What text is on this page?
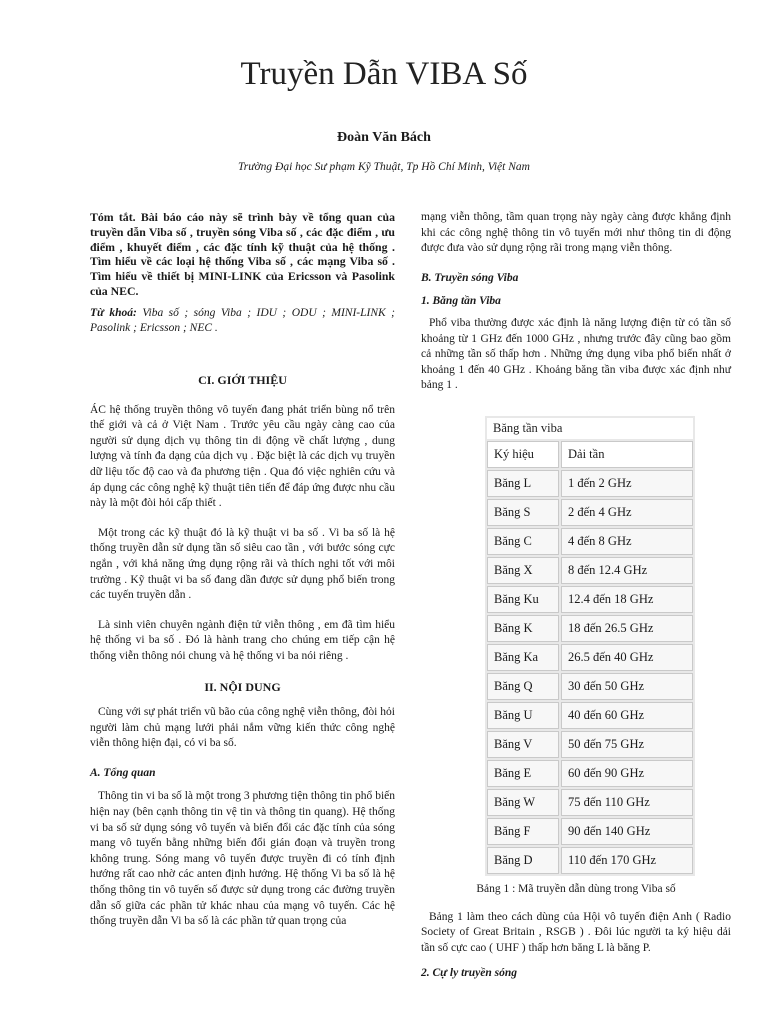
Truyền Dẫn VIBA Số
Đoàn Văn Bách
Trường Đại học Sư phạm Kỹ Thuật, Tp Hồ Chí Minh, Việt Nam

Tóm tắt. Bài báo cáo này sẽ trình bày về tổng quan của truyền dẫn Viba số , truyền sóng Viba số , các đặc điểm , ưu điểm , khuyết điểm , các đặc tính kỹ thuật của hệ thống . Tìm hiểu về các loại hệ thống Viba số , các mạng Viba số . Tìm hiểu về thiết bị MINI-LINK của Ericsson và Pasolink của NEC.

Từ khoá: Viba số ; sóng Viba ; IDU ; ODU ; MINI-LINK ; Pasolink ; Ericsson ; NEC .

CI. GIỚI THIỆU

ÁC hệ thống truyền thông vô tuyến đang phát triển bùng nổ trên thế giới và cả ở Việt Nam . Trước yêu cầu ngày càng cao của người sử dụng dịch vụ thông tin di động về chất lượng , dung lượng và tính đa dạng của dịch vụ . Đặc biệt là các dịch vụ truyền dữ liệu tốc độ cao và đa phương tiện . Qua đó việc nghiên cứu và áp dụng các công nghệ kỹ thuật tiên tiến để đáp ứng được nhu cầu này là một đòi hỏi cấp thiết .

Một trong các kỹ thuật đó là kỹ thuật vi ba số . Vi ba số là hệ thống truyền dẫn sử dụng tần số siêu cao tần , với bước sóng cực ngắn , với khả năng ứng dụng rộng rãi và thích nghi tốt với môi trường . Kỹ thuật vi ba số đang dần được sử dụng phổ biến trong các tuyến truyền dẫn .

Là sinh viên chuyên ngành điện tử viễn thông , em đã tìm hiểu hệ thống vi ba số . Đó là hành trang cho chúng em tiếp cận hệ thống viễn thông nói chung và hệ thống vi ba nói riêng .

II. NỘI DUNG

Cùng với sự phát triển vũ bão của công nghệ viễn thông, đòi hỏi người làm chủ mạng lưới phải nắm vững kiến thức công nghệ viễn thông hiện đại, có vi ba số.

A. Tổng quan

Thông tin vi ba số là một trong 3 phương tiện thông tin phổ biến hiện nay (bên cạnh thông tin vệ tin và thông tin quang). Hệ thống vi ba số sử dụng sóng vô tuyến và biến đổi các đặc tính của sóng mang vô tuyến bằng những biến đổi gián đoạn và truyền trong không trung. Sóng mang vô tuyến được truyền đi có tính định hướng rất cao nhờ các anten định hướng. Hệ thống Vi ba số là hệ thống thông tin vô tuyến số được sử dụng trong các đường truyền dẫn số giữa các phần tử khác nhau của mạng vô tuyến. Các hệ thống truyền dẫn Vi ba số là các phần tử quan trọng của

mạng viễn thông, tầm quan trọng này ngày càng được khẳng định khi các công nghệ thông tin vô tuyến mới như thông tin di động được đưa vào sử dụng rộng rãi trong mạng viễn thông.

B. Truyền sóng Viba

1. Băng tần Viba

Phổ viba thường được xác định là năng lượng điện từ có tần số khoảng từ 1 GHz đến 1000 GHz , nhưng trước đây cũng bao gồm cả những tần số thấp hơn . Những ứng dụng viba phổ biến nhất ở khoảng 1 đến 40 GHz . Khoảng băng tần viba được xác định như bảng 1 .

Băng tần viba	
Ký hiệu	Dải tần
Băng L	1 đến 2 GHz
Băng S	2 đến 4 GHz
Băng C	4 đến 8 GHz
Băng X	8 đến 12.4 GHz
Băng Ku	12.4 đến 18 GHz
Băng K	18 đến 26.5 GHz
Băng Ka	26.5 đến 40 GHz
Băng Q	30 đến 50 GHz
Băng U	40 đến 60 GHz
Băng V	50 đến 75 GHz
Băng E	60 đến 90 GHz
Băng W	75 đến 110 GHz
Băng F	90 đến 140 GHz
Băng D	110 đến 170 GHz

Bảng 1 : Mã truyền dẫn dùng trong Viba số

Bảng 1 làm theo cách dùng của Hội vô tuyến điện Anh ( Radio Society of Great Britain , RSGB ) . Đôi lúc người ta ký hiệu dải tần số cực cao ( UHF ) thấp hơn băng L là băng P.

2. Cự ly truyền sóng
